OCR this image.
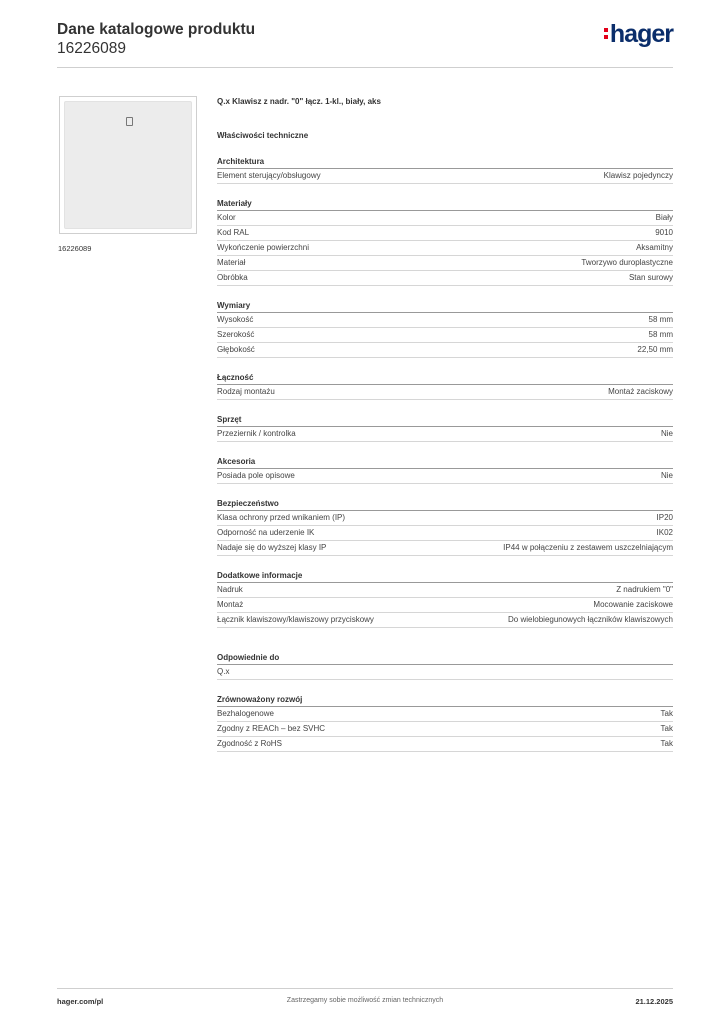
Dane katalogowe produktu
16226089
hager
16226089
Q.x Klawisz z nadr. "0" łącz. 1-kl., biały, aks
Właściwości techniczne
Architektura
Element sterujący/obsługowy	Klawisz pojedynczy
Materiały
Kolor	Biały
Kod RAL	9010
Wykończenie powierzchni	Aksamitny
Materiał	Tworzywo duroplastyczne
Obróbka	Stan surowy
Wymiary
Wysokość	58 mm
Szerokość	58 mm
Głębokość	22,50 mm
Łączność
Rodzaj montażu	Montaż zaciskowy
Sprzęt
Przeziernik / kontrolka	Nie
Akcesoria
Posiada pole opisowe	Nie
Bezpieczeństwo
Klasa ochrony przed wnikaniem (IP)	IP20
Odporność na uderzenie IK	IK02
Nadaje się do wyższej klasy IP	IP44 w połączeniu z zestawem uszczelniającym
Dodatkowe informacje
Nadruk	Z nadrukiem "0"
Montaż	Mocowanie zaciskowe
Łącznik klawiszowy/klawiszowy przyciskowy	Do wielobiegunowych łączników klawiszowych
Odpowiednie do
Q.x
Zrównoważony rozwój
Bezhalogenowe	Tak
Zgodny z REACh – bez SVHC	Tak
Zgodność z RoHS	Tak
hager.com/pl	Zastrzegamy sobie możliwość zmian technicznych	21.12.2025
